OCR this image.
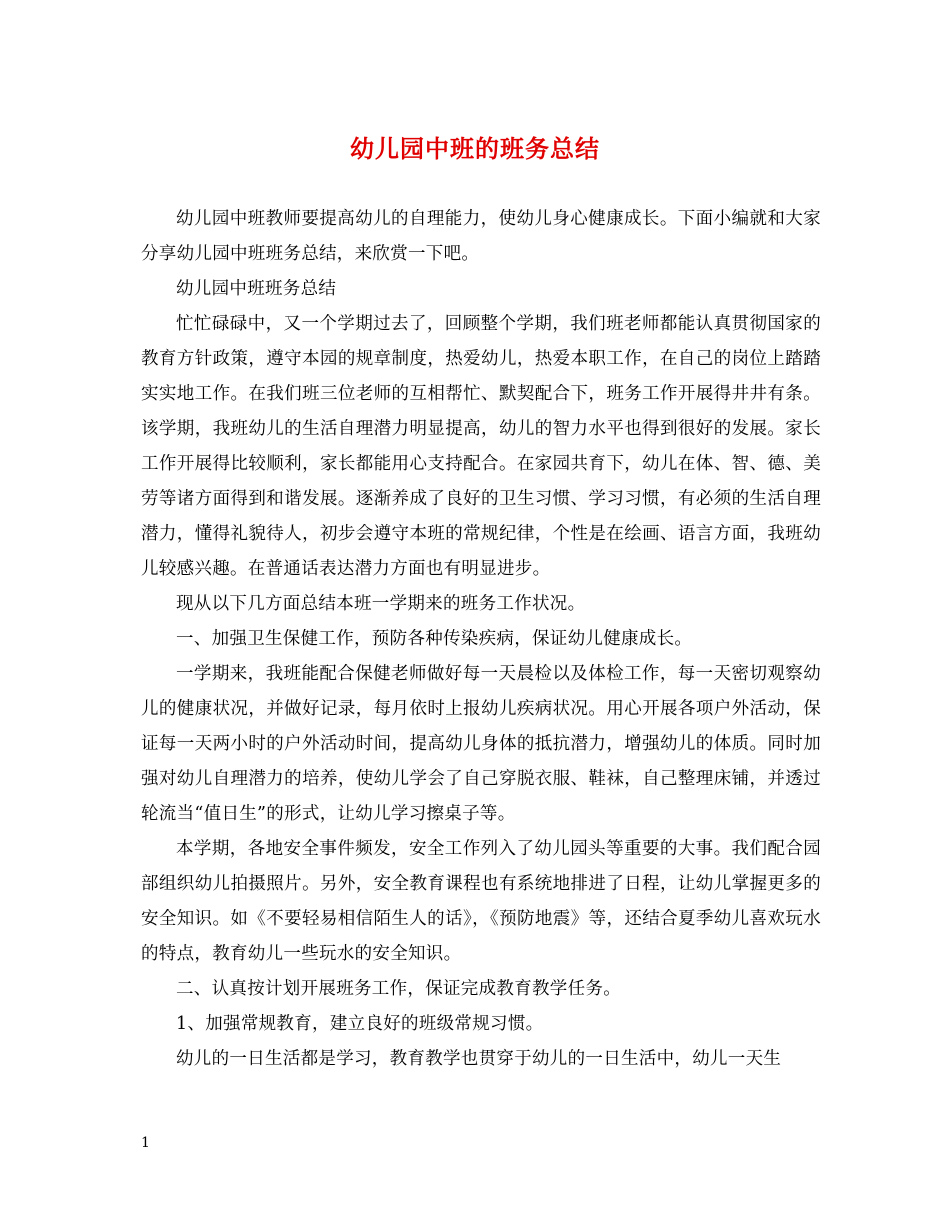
幼儿园中班的班务总结

幼儿园中班教师要提高幼儿的自理能力，使幼儿身心健康成长。下面小编就和大家分享幼儿园中班班务总结，来欣赏一下吧。

幼儿园中班班务总结

忙忙碌碌中，又一个学期过去了，回顾整个学期，我们班老师都能认真贯彻国家的教育方针政策，遵守本园的规章制度，热爱幼儿，热爱本职工作，在自己的岗位上踏踏实实地工作。在我们班三位老师的互相帮忙、默契配合下，班务工作开展得井井有条。该学期，我班幼儿的生活自理潜力明显提高，幼儿的智力水平也得到很好的发展。家长工作开展得比较顺利，家长都能用心支持配合。在家园共育下，幼儿在体、智、德、美劳等诸方面得到和谐发展。逐渐养成了良好的卫生习惯、学习习惯，有必须的生活自理潜力，懂得礼貌待人，初步会遵守本班的常规纪律，个性是在绘画、语言方面，我班幼儿较感兴趣。在普通话表达潜力方面也有明显进步。

现从以下几方面总结本班一学期来的班务工作状况。

一、加强卫生保健工作，预防各种传染疾病，保证幼儿健康成长。

一学期来，我班能配合保健老师做好每一天晨检以及体检工作，每一天密切观察幼儿的健康状况，并做好记录，每月依时上报幼儿疾病状况。用心开展各项户外活动，保证每一天两小时的户外活动时间，提高幼儿身体的抵抗潜力，增强幼儿的体质。同时加强对幼儿自理潜力的培养，使幼儿学会了自己穿脱衣服、鞋袜，自己整理床铺，并透过轮流当“值日生”的形式，让幼儿学习擦桌子等。

本学期，各地安全事件频发，安全工作列入了幼儿园头等重要的大事。我们配合园部组织幼儿拍摄照片。另外，安全教育课程也有系统地排进了日程，让幼儿掌握更多的安全知识。如《不要轻易相信陌生人的话》，《预防地震》等，还结合夏季幼儿喜欢玩水的特点，教育幼儿一些玩水的安全知识。

二、认真按计划开展班务工作，保证完成教育教学任务。

1、加强常规教育，建立良好的班级常规习惯。

幼儿的一日生活都是学习，教育教学也贯穿于幼儿的一日生活中，幼儿一天生

1
